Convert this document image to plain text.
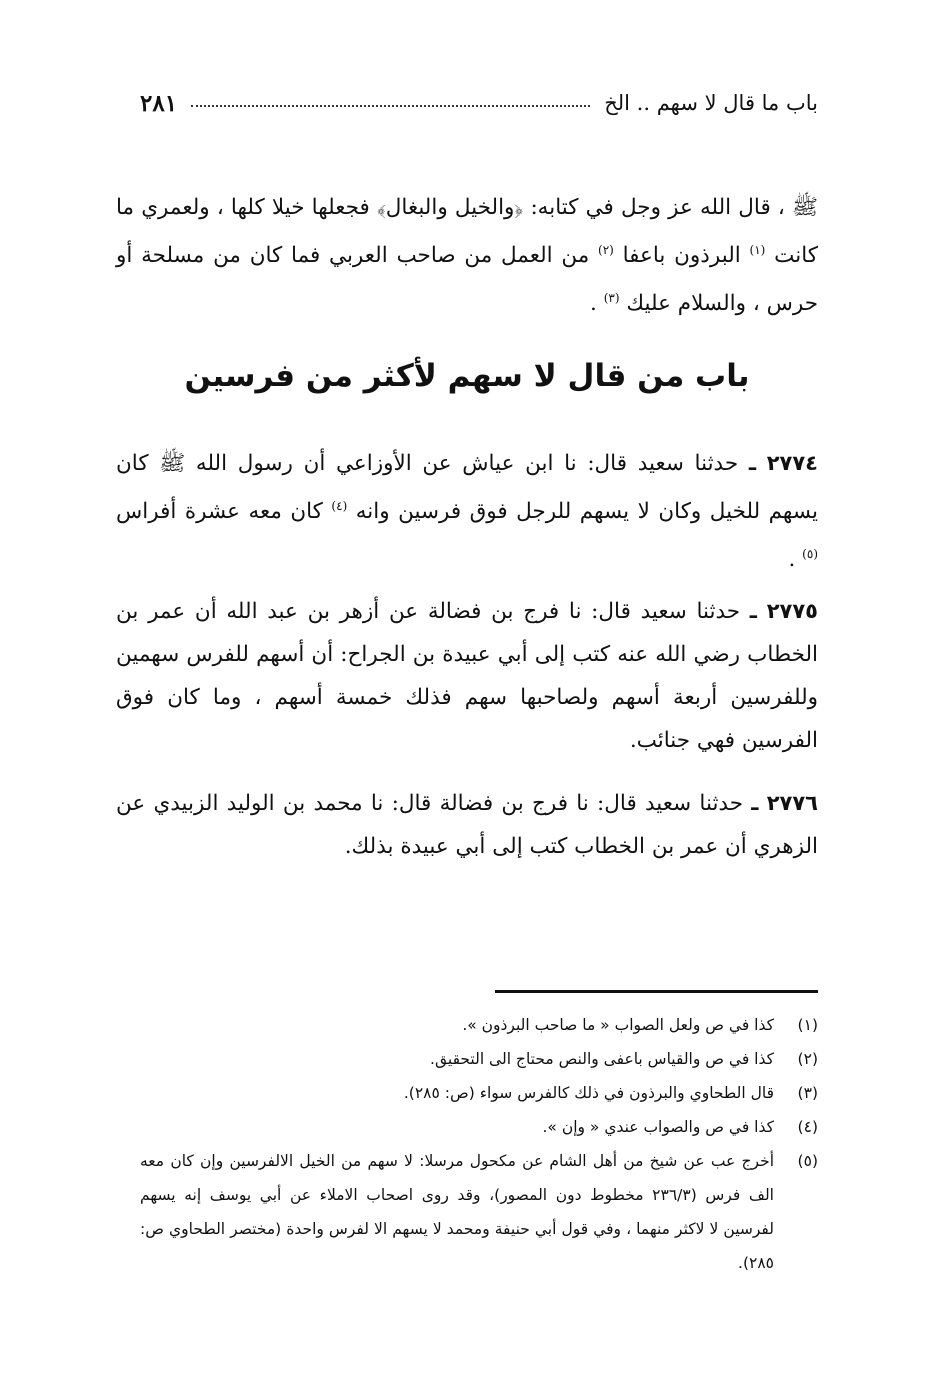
باب ما قال لا سهم .. الخ
٢٨١

ﷺ ، قال الله عز وجل في كتابه: ﴿والخيل والبغال﴾ فجعلها خيلا كلها ، ولعمري ما كانت $^{(١)}$ البرذون باعفا $^{(٢)}$ من العمل من صاحب العربي فما كان من مسلحة أو حرس ، والسلام عليك $^{(٣)}$ .

باب من قال لا سهم لأكثر من فرسين

٢٧٧٤ ـ حدثنا سعيد قال: نا ابن عياش عن الأوزاعي أن رسول الله ﷺ كان يسهم للخيل وكان لا يسهم للرجل فوق فرسين وانه $^{(٤)}$ كان معه عشرة أفراس $^{(٥)}$ .

٢٧٧٥ ـ حدثنا سعيد قال: نا فرج بن فضالة عن أزهر بن عبد الله أن عمر بن الخطاب رضي الله عنه كتب إلى أبي عبيدة بن الجراح: أن أسهم للفرس سهمين وللفرسين أربعة أسهم ولصاحبها سهم فذلك خمسة أسهم ، وما كان فوق الفرسين فهي جنائب.

٢٧٧٦ ـ حدثنا سعيد قال: نا فرج بن فضالة قال: نا محمد بن الوليد الزبيدي عن الزهري أن عمر بن الخطاب كتب إلى أبي عبيدة بذلك.

(١)
كذا في ص ولعل الصواب « ما صاحب البرذون ».
(٢)
كذا في ص والقياس باعفى والنص محتاج الى التحقيق.
(٣)
قال الطحاوي والبرذون في ذلك كالفرس سواء (ص: ٢٨٥).
(٤)
كذا في ص والصواب عندي « وإن ».
(٥)
أخرج عب عن شيخ من أهل الشام عن مكحول مرسلا: لا سهم من الخيل الالفرسين وإن كان معه الف فرس (٢٣٦/٣ مخطوط دون المصور)، وقد روى اصحاب الاملاء عن أبي يوسف إنه يسهم لفرسين لا لاكثر منهما ، وفي قول أبي حنيفة ومحمد لا يسهم الا لفرس واحدة (مختصر الطحاوي ص: ٢٨٥).
